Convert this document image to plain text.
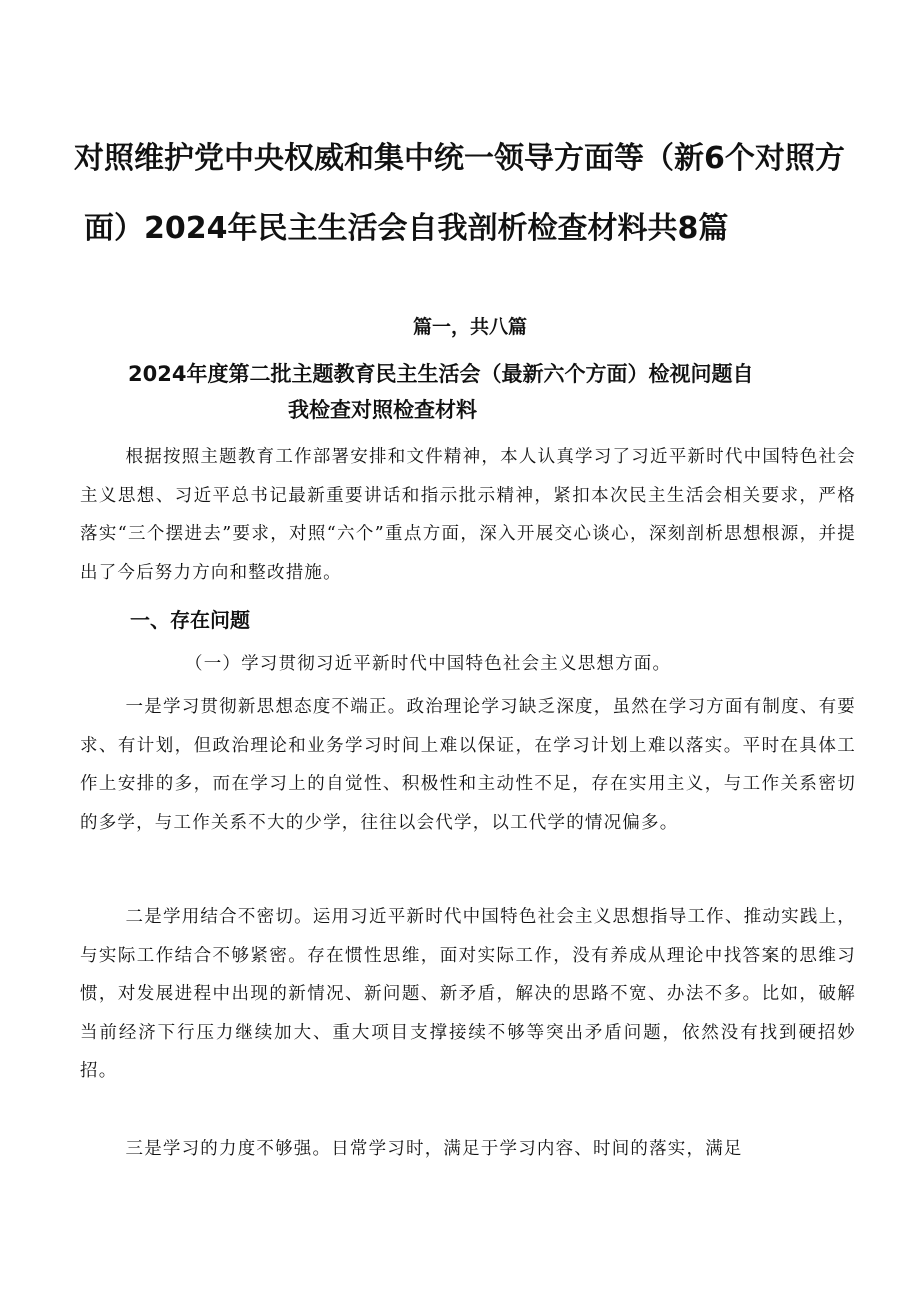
对照维护党中央权威和集中统一领导方面等（新6个对照方
面）2024年民主生活会自我剖析检查材料共8篇
篇一，共八篇
2024年度第二批主题教育民主生活会（最新六个方面）检视问题自
我检查对照检查材料

根据按照主题教育工作部署安排和文件精神，本人认真学习了习近平新时代中国特色社会主义思想、习近平总书记最新重要讲话和指示批示精神，紧扣本次民主生活会相关要求，严格落实“三个摆进去”要求，对照“六个”重点方面，深入开展交心谈心，深刻剖析思想根源，并提出了今后努力方向和整改措施。

一、存在问题

（一）学习贯彻习近平新时代中国特色社会主义思想方面。

一是学习贯彻新思想态度不端正。政治理论学习缺乏深度，虽然在学习方面有制度、有要求、有计划，但政治理论和业务学习时间上难以保证，在学习计划上难以落实。平时在具体工作上安排的多，而在学习上的自觉性、积极性和主动性不足，存在实用主义，与工作关系密切的多学，与工作关系不大的少学，往往以会代学，以工代学的情况偏多。

二是学用结合不密切。运用习近平新时代中国特色社会主义思想指导工作、推动实践上，与实际工作结合不够紧密。存在惯性思维，面对实际工作，没有养成从理论中找答案的思维习惯，对发展进程中出现的新情况、新问题、新矛盾，解决的思路不宽、办法不多。比如，破解当前经济下行压力继续加大、重大项目支撑接续不够等突出矛盾问题，依然没有找到硬招妙招。

三是学习的力度不够强。日常学习时，满足于学习内容、时间的落实，满足
